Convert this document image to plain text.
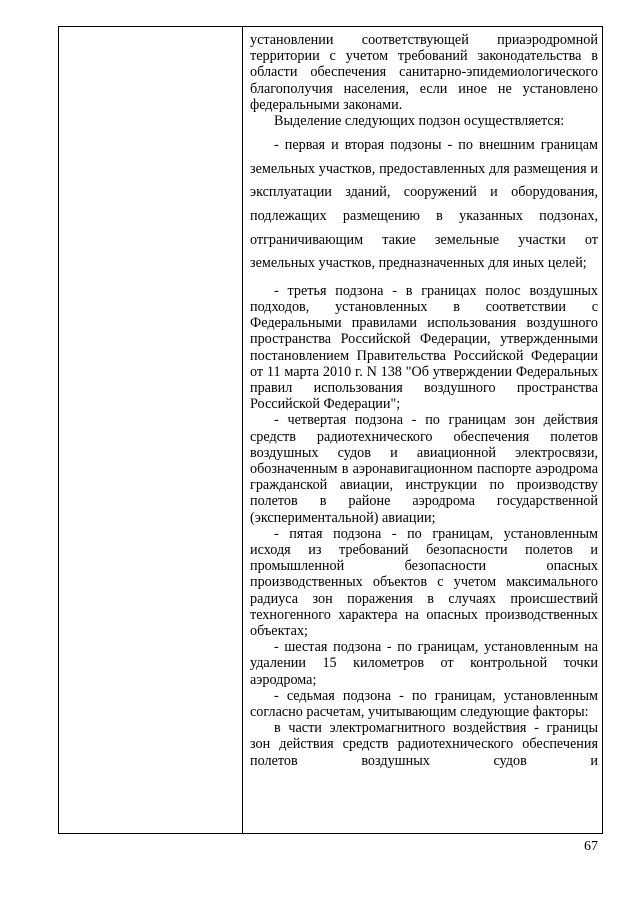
установлении соответствующей приаэродромной территории с учетом требований законодательства в области обеспечения санитарно-эпидемиологического благополучия населения, если иное не установлено федеральными законами.

Выделение следующих подзон осуществляется:

- первая и вторая подзоны - по внешним границам земельных участков, предоставленных для размещения и эксплуатации зданий, сооружений и оборудования, подлежащих размещению в указанных подзонах, отграничивающим такие земельные участки от земельных участков, предназначенных для иных целей;

- третья подзона - в границах полос воздушных подходов, установленных в соответствии с Федеральными правилами использования воздушного пространства Российской Федерации, утвержденными постановлением Правительства Российской Федерации от 11 марта 2010 г. N 138 "Об утверждении Федеральных правил использования воздушного пространства Российской Федерации";

- четвертая подзона - по границам зон действия средств радиотехнического обеспечения полетов воздушных судов и авиационной электросвязи, обозначенным в аэронавигационном паспорте аэродрома гражданской авиации, инструкции по производству полетов в районе аэродрома государственной (экспериментальной) авиации;

- пятая подзона - по границам, установленным исходя из требований безопасности полетов и промышленной безопасности опасных производственных объектов с учетом максимального радиуса зон поражения в случаях происшествий техногенного характера на опасных производственных объектах;

- шестая подзона - по границам, установленным на удалении 15 километров от контрольной точки аэродрома;

- седьмая подзона - по границам, установленным согласно расчетам, учитывающим следующие факторы:

в части электромагнитного воздействия - границы зон действия средств радиотехнического обеспечения полетов воздушных судов и

67
